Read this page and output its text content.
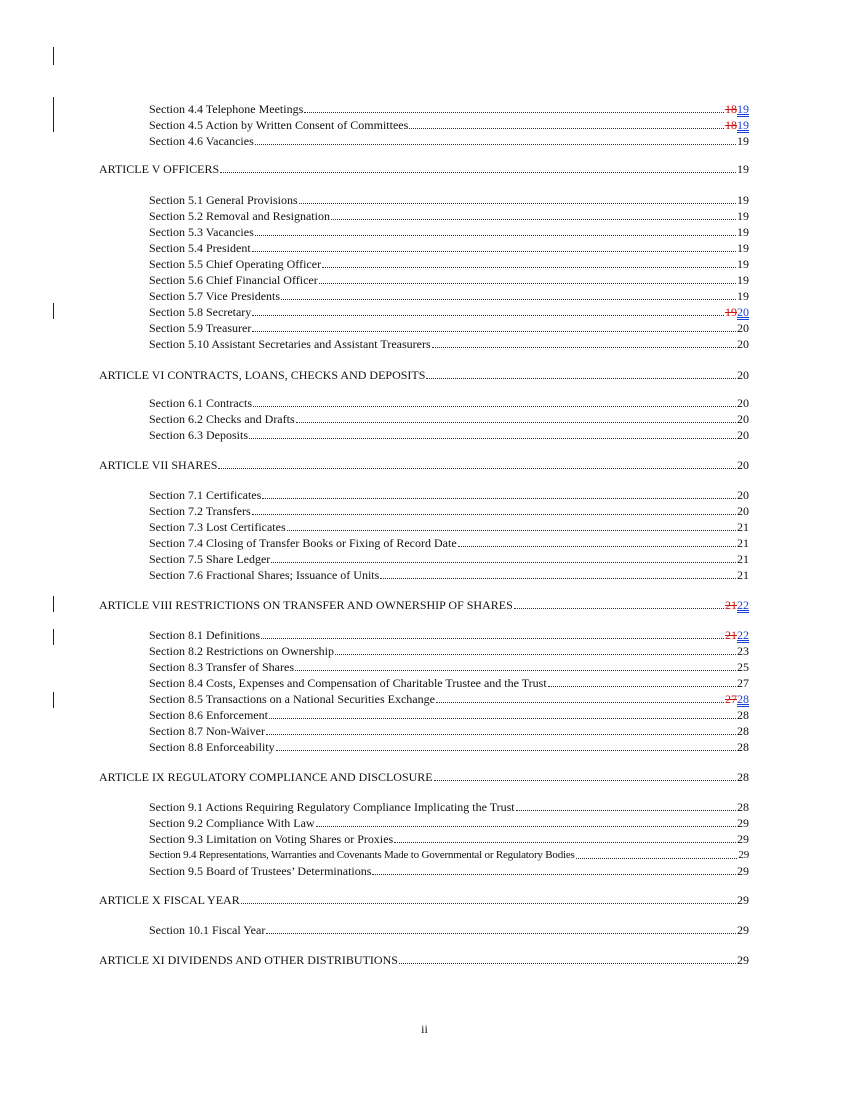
Section 4.4 Telephone Meetings	1819
Section 4.5 Action by Written Consent of Committees	1819
Section 4.6 Vacancies	19
ARTICLE V OFFICERS	19
Section 5.1 General Provisions	19
Section 5.2 Removal and Resignation	19
Section 5.3 Vacancies	19
Section 5.4 President	19
Section 5.5 Chief Operating Officer	19
Section 5.6 Chief Financial Officer	19
Section 5.7 Vice Presidents	19
Section 5.8 Secretary	1920
Section 5.9 Treasurer	20
Section 5.10 Assistant Secretaries and Assistant Treasurers	20
ARTICLE VI CONTRACTS, LOANS, CHECKS AND DEPOSITS	20
Section 6.1 Contracts	20
Section 6.2 Checks and Drafts	20
Section 6.3 Deposits	20
ARTICLE VII SHARES	20
Section 7.1 Certificates	20
Section 7.2 Transfers	20
Section 7.3 Lost Certificates	21
Section 7.4 Closing of Transfer Books or Fixing of Record Date	21
Section 7.5 Share Ledger	21
Section 7.6 Fractional Shares; Issuance of Units	21
ARTICLE VIII RESTRICTIONS ON TRANSFER AND OWNERSHIP OF SHARES	2122
Section 8.1 Definitions	2122
Section 8.2 Restrictions on Ownership	23
Section 8.3 Transfer of Shares	25
Section 8.4 Costs, Expenses and Compensation of Charitable Trustee and the Trust	27
Section 8.5 Transactions on a National Securities Exchange	2728
Section 8.6 Enforcement	28
Section 8.7 Non-Waiver	28
Section 8.8 Enforceability	28
ARTICLE IX REGULATORY COMPLIANCE AND DISCLOSURE	28
Section 9.1 Actions Requiring Regulatory Compliance Implicating the Trust	28
Section 9.2 Compliance With Law	29
Section 9.3 Limitation on Voting Shares or Proxies	29
Section 9.4 Representations, Warranties and Covenants Made to Governmental or Regulatory Bodies	29
Section 9.5 Board of Trustees’ Determinations	29
ARTICLE X FISCAL YEAR	29
Section 10.1 Fiscal Year	29
ARTICLE XI DIVIDENDS AND OTHER DISTRIBUTIONS	29
ii
